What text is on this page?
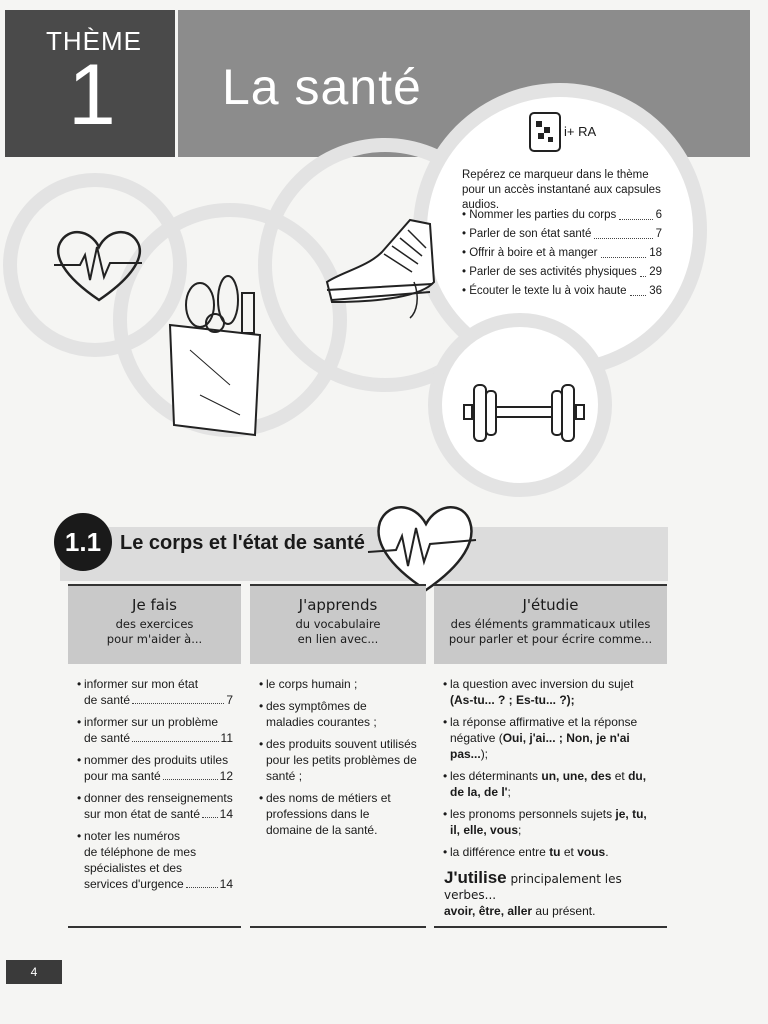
THÈME
1 La santé
i+ RA
Repérez ce marqueur dans le thème pour un accès instantané aux capsules audios.
• Nommer les parties du corps	6
• Parler de son état santé	7
• Offrir à boire et à manger	18
• Parler de ses activités physiques 29
• Écouter le texte lu à voix haute 36
1.1 Le corps et l'état de santé
Je fais
des exercices
pour m'aider à...
• informer sur mon état
de santé	7
• informer sur un problème
de santé	11
• nommer des produits utiles
pour ma santé	12
• donner des renseignements
sur mon état de santé 14
• noter les numéros
de téléphone de mes
spécialistes et des
services d'urgence	14
J'apprends
du vocabulaire
en lien avec...
• le corps humain ;
• des symptômes de maladies courantes ;
• des produits souvent utilisés pour les petits problèmes de santé ;
• des noms de métiers et professions dans le domaine de la santé.
J'étudie
des éléments grammaticaux utiles
pour parler et pour écrire comme...
• la question avec inversion du sujet (As-tu... ? ; Es-tu... ?);
• la réponse affirmative et la réponse négative (Oui, j'ai... ; Non, je n'ai pas...);
• les déterminants un, une, des et du, de la, de l';
• les pronoms personnels sujets je, tu, il, elle, vous;
• la différence entre tu et vous.
J'utilise principalement les verbes...
avoir, être, aller au présent.
4
